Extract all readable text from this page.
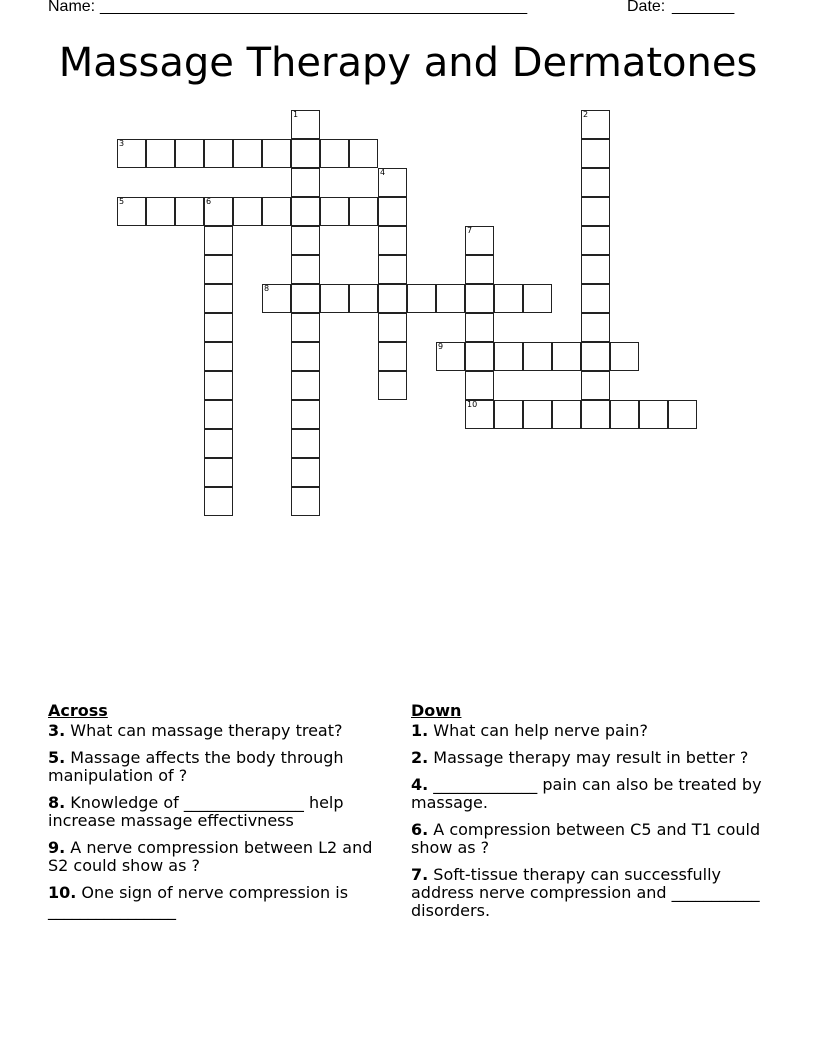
Name: ________________________________________________	Date: _______
Massage Therapy and Dermatones
1	2
3
4
5	6
7
10
8
9
Across
3. What can massage therapy treat?
5. Massage affects the body through manipulation of ?
8. Knowledge of _______________ help increase massage effectivness
9. A nerve compression between L2 and S2 could show as ?
10. One sign of nerve compression is ________________
Down
1. What can help nerve pain?
2. Massage therapy may result in better ?
4. _____________ pain can also be treated by massage.
6. A compression between C5 and T1 could show as ?
7. Soft-tissue therapy can successfully address nerve compression and ___________ disorders.
